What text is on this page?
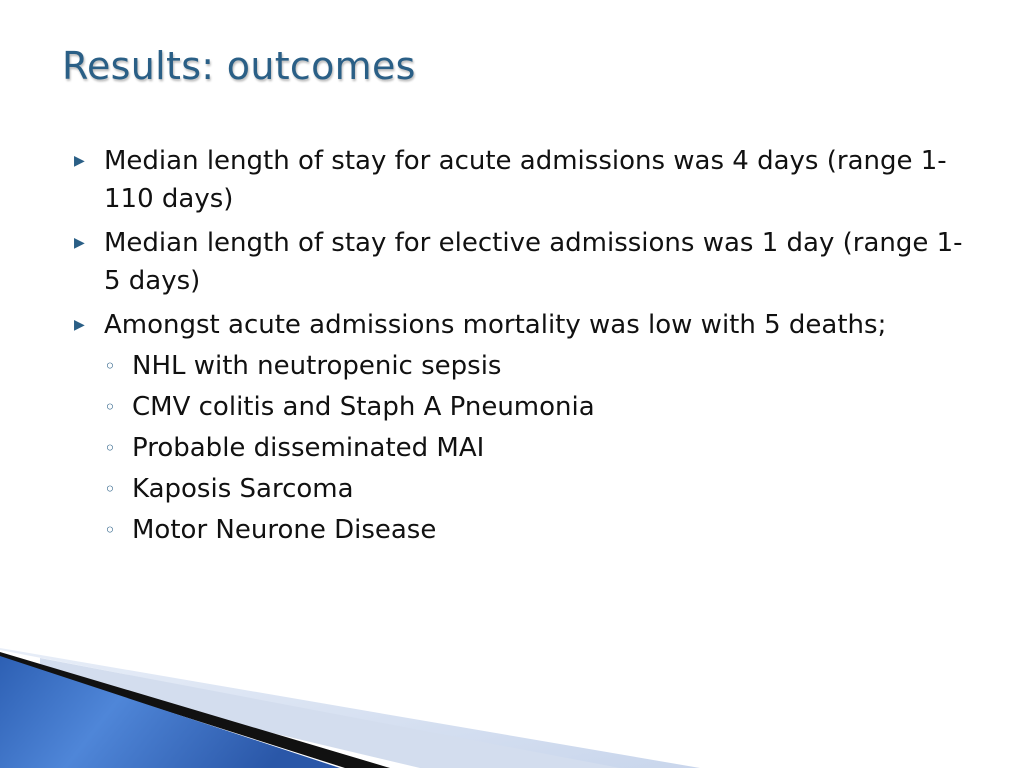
Results: outcomes
▶ Median length of stay for acute admissions was 4 days (range 1-110 days)
▶ Median length of stay for elective admissions was 1 day (range 1-5 days)
▶ Amongst acute admissions mortality was low with 5 deaths;
◦ NHL with neutropenic sepsis
◦ CMV colitis and Staph A Pneumonia
◦ Probable disseminated MAI
◦ Kaposis Sarcoma
◦ Motor Neurone Disease
